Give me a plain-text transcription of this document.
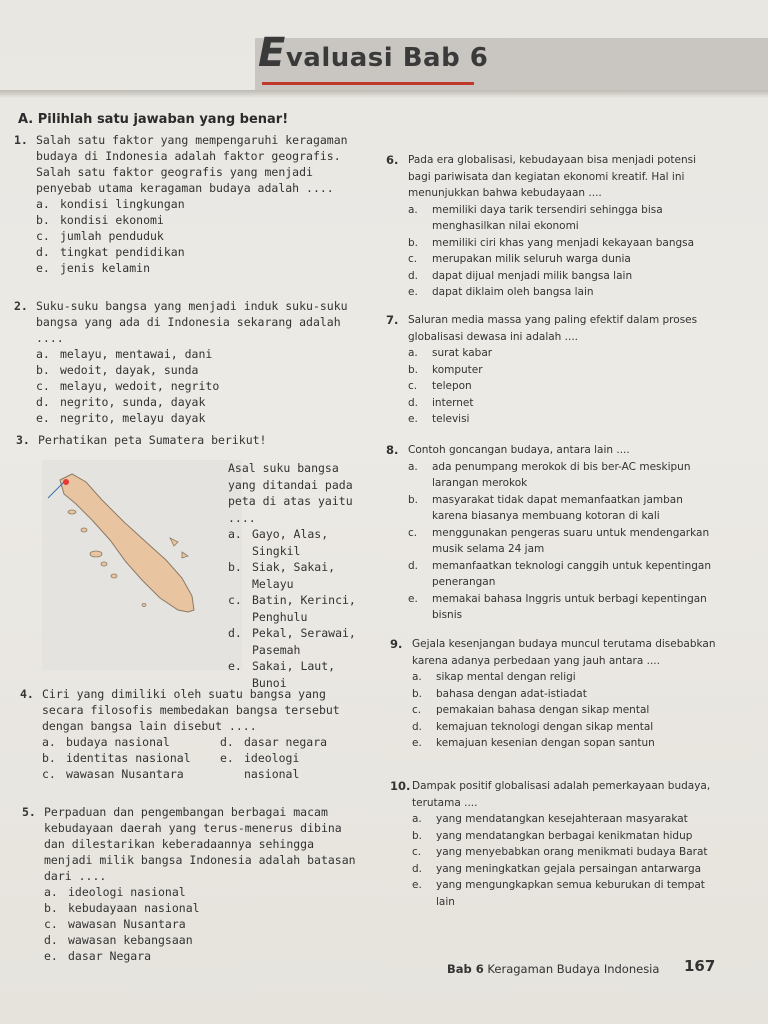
Evaluasi Bab 6
A. Pilihlah satu jawaban yang benar!
1. Salah satu faktor yang mempengaruhi keragaman budaya di Indonesia adalah faktor geografis. Salah satu faktor geografis yang menjadi penyebab utama keragaman budaya adalah ....
a. kondisi lingkungan
b. kondisi ekonomi
c. jumlah penduduk
d. tingkat pendidikan
e. jenis kelamin
2. Suku-suku bangsa yang menjadi induk suku-suku bangsa yang ada di Indonesia sekarang adalah ....
a. melayu, mentawai, dani
b. wedoit, dayak, sunda
c. melayu, wedoit, negrito
d. negrito, sunda, dayak
e. negrito, melayu dayak
3. Perhatikan peta Sumatera berikut!
Asal suku bangsa yang ditandai pada peta di atas yaitu ....
a. Gayo, Alas, Singkil
b. Siak, Sakai, Melayu
c. Batin, Kerinci, Penghulu
d. Pekal, Serawai, Pasemah
e. Sakai, Laut, Bunoi
4. Ciri yang dimiliki oleh suatu bangsa yang secara filosofis membedakan bangsa tersebut dengan bangsa lain disebut ....
a. budaya nasional
b. identitas nasional
c. wawasan Nusantara
d. dasar negara
e. ideologi nasional
5. Perpaduan dan pengembangan berbagai macam kebudayaan daerah yang terus-menerus dibina dan dilestarikan keberadaannya sehingga menjadi milik bangsa Indonesia adalah batasan dari ....
a. ideologi nasional
b. kebudayaan nasional
c. wawasan Nusantara
d. wawasan kebangsaan
e. dasar Negara
6. Pada era globalisasi, kebudayaan bisa menjadi potensi bagi pariwisata dan kegiatan ekonomi kreatif. Hal ini menunjukkan bahwa kebudayaan ....
a. memiliki daya tarik tersendiri sehingga bisa menghasilkan nilai ekonomi
b. memiliki ciri khas yang menjadi kekayaan bangsa
c. merupakan milik seluruh warga dunia
d. dapat dijual menjadi milik bangsa lain
e. dapat diklaim oleh bangsa lain
7. Saluran media massa yang paling efektif dalam proses globalisasi dewasa ini adalah ....
a. surat kabar
b. komputer
c. telepon
d. internet
e. televisi
8. Contoh goncangan budaya, antara lain ....
a. ada penumpang merokok di bis ber-AC meskipun larangan merokok
b. masyarakat tidak dapat memanfaatkan jamban karena biasanya membuang kotoran di kali
c. menggunakan pengeras suaru untuk mendengarkan musik selama 24 jam
d. memanfaatkan teknologi canggih untuk kepentingan penerangan
e. memakai bahasa Inggris untuk berbagi kepentingan bisnis
9. Gejala kesenjangan budaya muncul terutama disebabkan karena adanya perbedaan yang jauh antara ....
a. sikap mental dengan religi
b. bahasa dengan adat-istiadat
c. pemakaian bahasa dengan sikap mental
d. kemajuan teknologi dengan sikap mental
e. kemajuan kesenian dengan sopan santun
10. Dampak positif globalisasi adalah pemerkayaan budaya, terutama ....
a. yang mendatangkan kesejahteraan masyarakat
b. yang mendatangkan berbagai kenikmatan hidup
c. yang menyebabkan orang menikmati budaya Barat
d. yang meningkatkan gejala persaingan antarwarga
e. yang mengungkapkan semua keburukan di tempat lain
Bab 6 Keragaman Budaya Indonesia 167
